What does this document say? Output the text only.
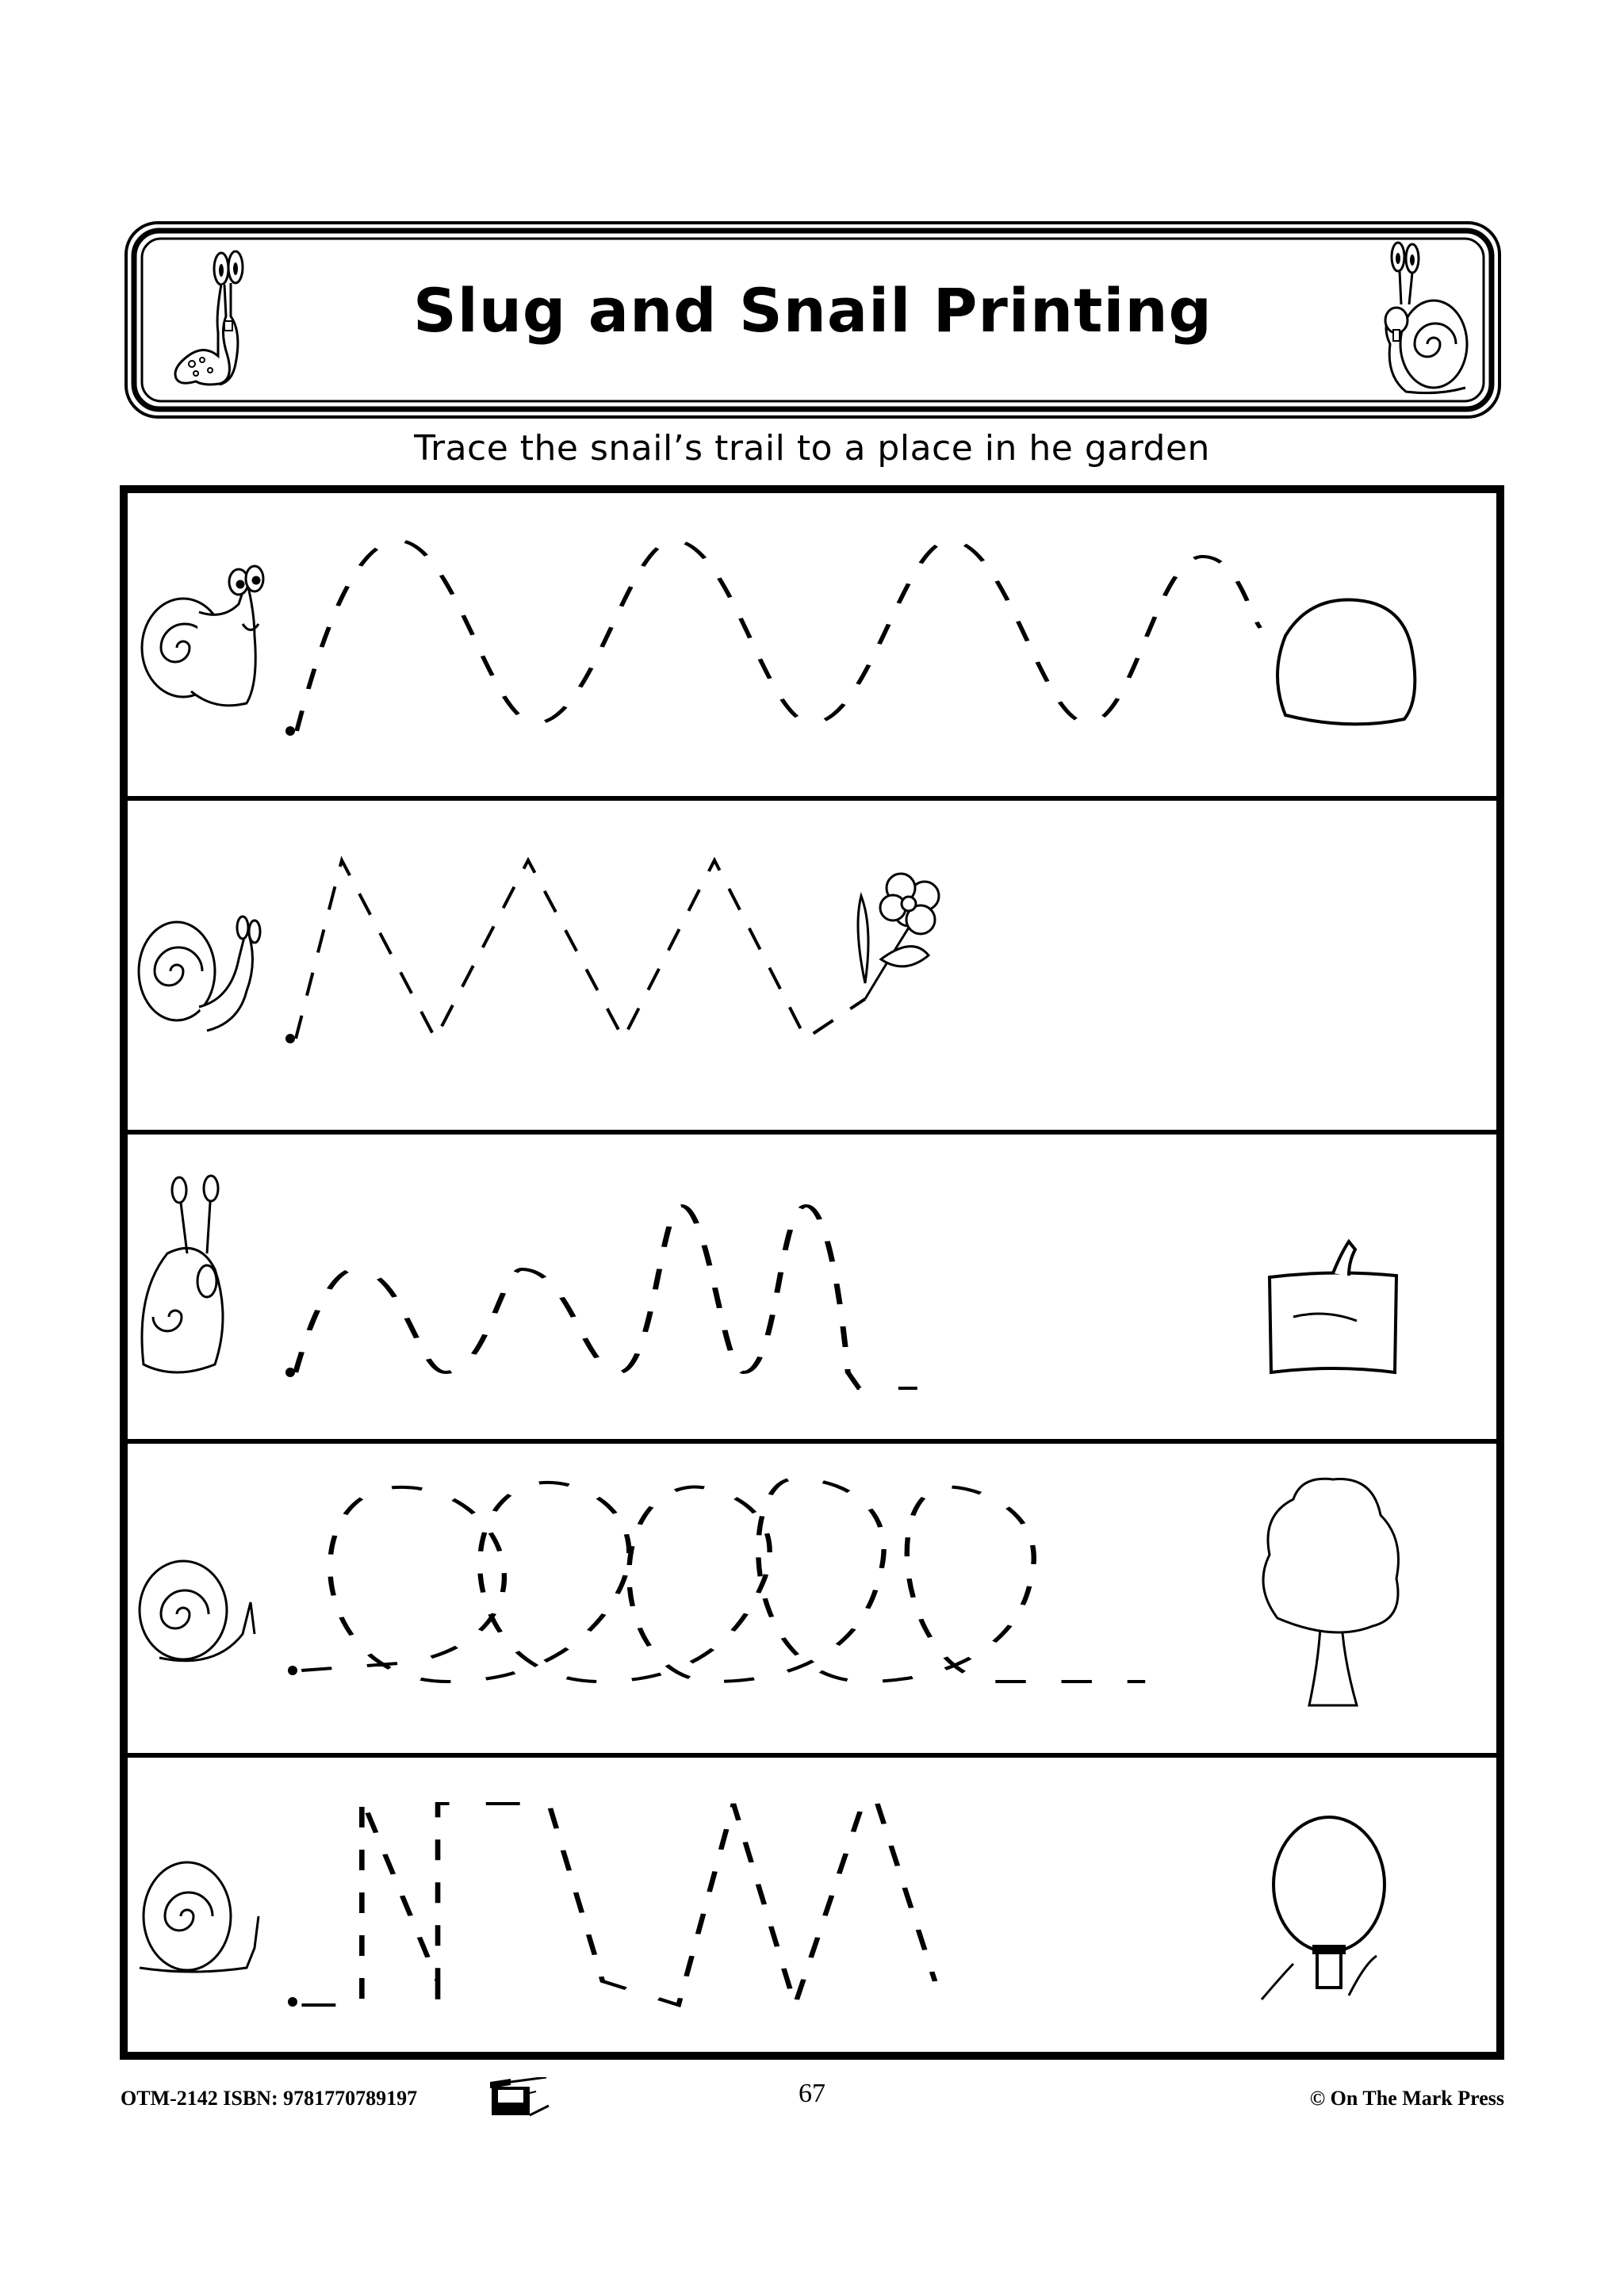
Slug and Snail Printing
Trace the snail’s trail to a place in he garden
OTM-2142 ISBN: 9781770789197	67	© On The Mark Press
